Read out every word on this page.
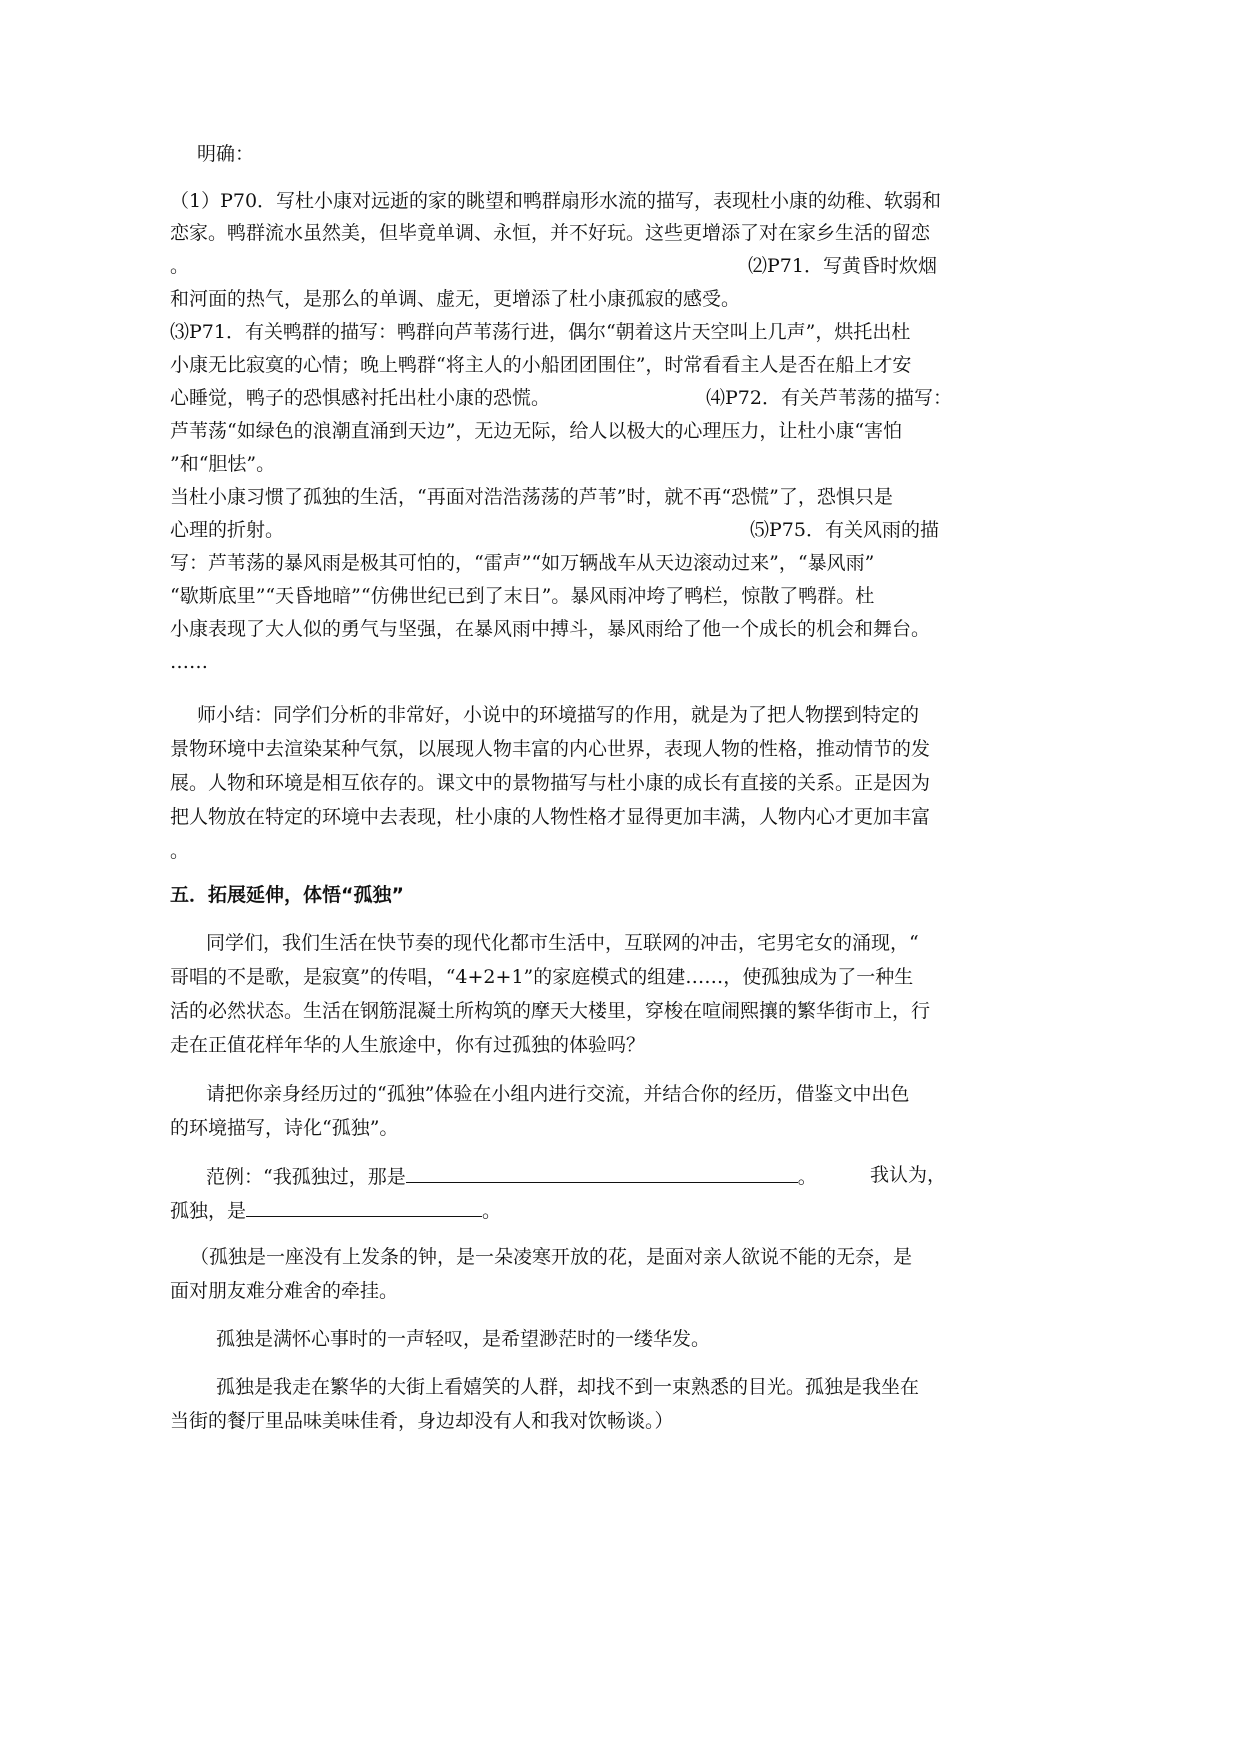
明确：
（1）P70．写杜小康对远逝的家的眺望和鸭群扇形水流的描写，表现杜小康的幼稚、软弱和
恋家。鸭群流水虽然美，但毕竟单调、永恒，并不好玩。这些更增添了对在家乡生活的留恋
。	⑵P71．写黄昏时炊烟
和河面的热气，是那么的单调、虚无，更增添了杜小康孤寂的感受。
⑶P71．有关鸭群的描写：鸭群向芦苇荡行进，偶尔“朝着这片天空叫上几声”，烘托出杜
小康无比寂寞的心情；晚上鸭群“将主人的小船团团围住”，时常看看主人是否在船上才安
心睡觉，鸭子的恐惧感衬托出杜小康的恐慌。	⑷P72．有关芦苇荡的描写：
芦苇荡“如绿色的浪潮直涌到天边”，无边无际，给人以极大的心理压力，让杜小康“害怕
”和“胆怯”。
当杜小康习惯了孤独的生活，“再面对浩浩荡荡的芦苇”时，就不再“恐慌”了，恐惧只是
心理的折射。	⑸P75．有关风雨的描
写：芦苇荡的暴风雨是极其可怕的，“雷声”“如万辆战车从天边滚动过来”，“暴风雨”
“歇斯底里”“天昏地暗”“仿佛世纪已到了末日”。暴风雨冲垮了鸭栏，惊散了鸭群。杜
小康表现了大人似的勇气与坚强，在暴风雨中搏斗，暴风雨给了他一个成长的机会和舞台。
……
师小结：同学们分析的非常好，小说中的环境描写的作用，就是为了把人物摆到特定的
景物环境中去渲染某种气氛，以展现人物丰富的内心世界，表现人物的性格，推动情节的发
展。人物和环境是相互依存的。课文中的景物描写与杜小康的成长有直接的关系。正是因为
把人物放在特定的环境中去表现，杜小康的人物性格才显得更加丰满，人物内心才更加丰富
。
五．拓展延伸，体悟“孤独”
同学们，我们生活在快节奏的现代化都市生活中，互联网的冲击，宅男宅女的涌现，“
哥唱的不是歌，是寂寞”的传唱，“4+2+1”的家庭模式的组建……，使孤独成为了一种生
活的必然状态。生活在钢筋混凝土所构筑的摩天大楼里，穿梭在喧闹熙攘的繁华街市上，行
走在正值花样年华的人生旅途中，你有过孤独的体验吗？
请把你亲身经历过的“孤独”体验在小组内进行交流，并结合你的经历，借鉴文中出色
的环境描写，诗化“孤独”。
范例：“我孤独过，那是	。	我认为，
孤独，是	。
（孤独是一座没有上发条的钟，是一朵凌寒开放的花，是面对亲人欲说不能的无奈，是
面对朋友难分难舍的牵挂。
孤独是满怀心事时的一声轻叹，是希望渺茫时的一缕华发。
孤独是我走在繁华的大街上看嬉笑的人群，却找不到一束熟悉的目光。孤独是我坐在
当街的餐厅里品味美味佳肴，身边却没有人和我对饮畅谈。）
